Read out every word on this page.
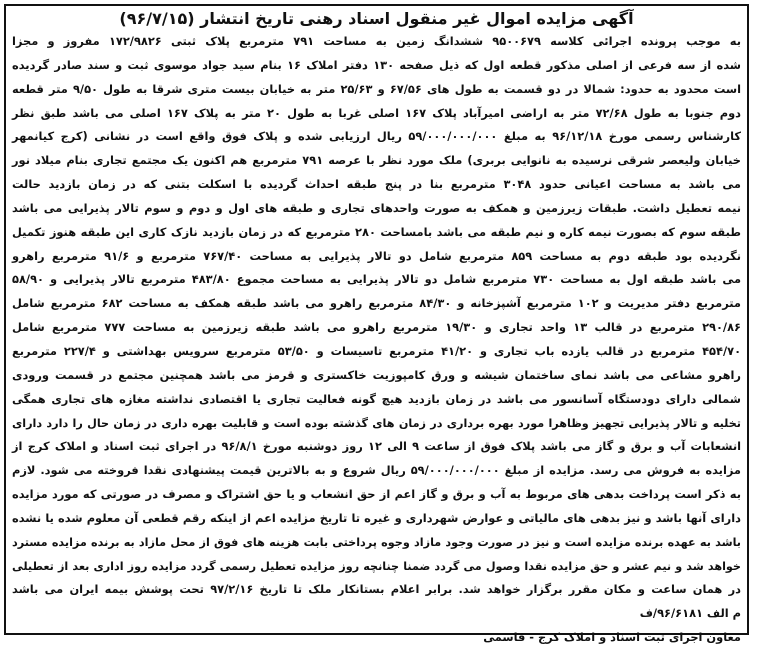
آگهی مزایده اموال غیر منقول اسناد رهنی تاریخ انتشار (۹۶/۷/۱۵)
به موجب پرونده اجرائی کلاسه ۹۵۰۰۶۷۹ ششدانگ زمین به مساحت ۷۹۱ مترمربع پلاک ثبتی ۱۷۲/۹۸۲۶ مفروز و مجزا
شده از سه فرعی از اصلی مذکور قطعه اول که ذیل صفحه ۱۳۰ دفتر املاک ۱۶ بنام سید جواد موسوی ثبت و سند صادر گردیده
است محدود به حدود: شمالا در دو قسمت به طول های ۶۷/۵۶ و ۲۵/۶۳ متر به خیابان بیست متری شرقا به طول ۹/۵۰ متر قطعه
دوم جنوبا به طول ۷۲/۶۸ متر به اراضی امیرآباد پلاک ۱۶۷ اصلی غربا به طول ۲۰ متر به پلاک ۱۶۷ اصلی می باشد طبق نظر
کارشناس رسمی مورخ ۹۶/۱۲/۱۸ به مبلغ ۵۹/۰۰۰/۰۰۰/۰۰۰ ریال ارزیابی شده و پلاک فوق واقع است در نشانی (کرج کیانمهر
خیابان ولیعصر شرقی نرسیده به نانوایی بربری) ملک مورد نظر با عرصه ۷۹۱ مترمربع هم اکنون یک مجتمع تجاری بنام میلاد نور
می باشد به مساحت اعیانی حدود ۳۰۴۸ مترمربع بنا در پنج طبقه احداث گردیده با اسکلت بتنی که در زمان بازدید حالت
نیمه تعطیل داشت. طبقات زیرزمین و همکف به صورت واحدهای تجاری و طبقه های اول و دوم و سوم تالار پذیرایی می باشد
طبقه سوم که بصورت نیمه کاره و نیم طبقه می باشد بامساحت ۲۸۰ مترمربع که در زمان بازدید نازک کاری این طبقه هنوز تکمیل
نگردیده بود طبقه دوم به مساحت ۸۵۹ مترمربع شامل دو تالار پذیرایی به مساحت ۷۶۷/۴۰ مترمربع و ۹۱/۶ مترمربع راهرو
می باشد طبقه اول به مساحت ۷۳۰ مترمربع شامل دو تالار پذیرایی به مساحت مجموع ۴۸۳/۸۰ مترمربع تالار پذیرایی و ۵۸/۹۰
مترمربع دفتر مدیریت و ۱۰۲ مترمربع آشپزخانه و ۸۴/۳۰ مترمربع راهرو می باشد طبقه همکف به مساحت ۶۸۲ مترمربع شامل
۲۹۰/۸۶ مترمربع در قالب ۱۳ واحد تجاری و ۱۹/۳۰ مترمربع راهرو می باشد طبقه زیرزمین به مساحت ۷۷۷ مترمربع شامل
۴۵۴/۷۰ مترمربع در قالب یازده باب تجاری و ۴۱/۲۰ مترمربع تاسیسات و ۵۳/۵۰ مترمربع سرویس بهداشتی و ۲۲۷/۴ مترمربع
راهرو مشاعی می باشد نمای ساختمان شیشه و ورق کامپوزیت خاکستری و قرمز می باشد همچنین مجتمع در قسمت ورودی
شمالی دارای دودستگاه آسانسور می باشد در زمان بازدید هیچ گونه فعالیت تجاری یا اقتصادی نداشته مغازه های تجاری همگی
تخلیه و تالار پذیرایی تجهیز وظاهرا مورد بهره برداری در زمان های گذشته بوده است و قابلیت بهره داری در زمان حال را دارد دارای
انشعابات آب و برق و گاز می باشد پلاک فوق از ساعت ۹ الی ۱۲ روز دوشنبه مورخ ۹۶/۸/۱ در اجرای ثبت اسناد و املاک کرج از
مزایده به فروش می رسد. مزایده از مبلغ ۵۹/۰۰۰/۰۰۰/۰۰۰ ریال شروع و به بالاترین قیمت پیشنهادی نقدا فروخته می شود. لازم
به ذکر است پرداخت بدهی های مربوط به آب و برق و گاز اعم از حق انشعاب و یا حق اشتراک و مصرف در صورتی که مورد مزایده
دارای آنها باشد و نیز بدهی های مالیاتی و عوارض شهرداری و غیره تا تاریخ مزایده اعم از اینکه رقم قطعی آن معلوم شده یا نشده
باشد به عهده برنده مزایده است و نیز در صورت وجود مازاد وجوه پرداختی بابت هزینه های فوق از محل مازاد به برنده مزایده مسترد
خواهد شد و نیم عشر و حق مزایده نقدا وصول می گردد ضمنا چنانچه روز مزایده تعطیل رسمی گردد مزایده روز اداری بعد از تعطیلی
در همان ساعت و مکان مقرر برگزار خواهد شد. برابر اعلام بستانکار ملک تا تاریخ ۹۷/۲/۱۶ تحت پوشش بیمه ایران می باشد
م الف ۹۶/۶۱۸۱/ف
معاون اجرای ثبت اسناد و املاک کرج - قاسمی
